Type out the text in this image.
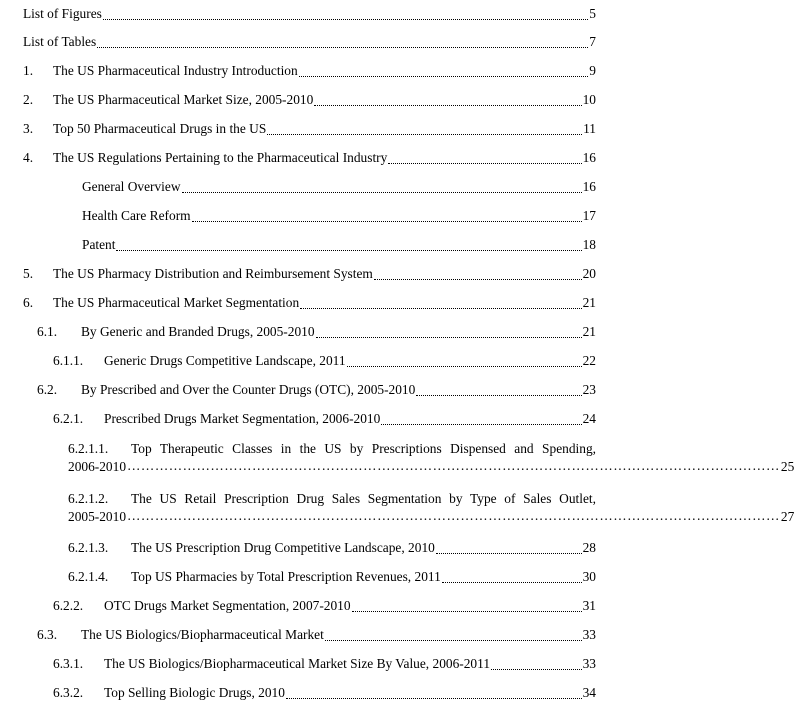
List of Figures	5
List of Tables	7
1. The US Pharmaceutical Industry Introduction	9
2. The US Pharmaceutical Market Size, 2005-2010	10
3. Top 50 Pharmaceutical Drugs in the US	11
4. The US Regulations Pertaining to the Pharmaceutical Industry	16
General Overview	16
Health Care Reform	17
Patent	18
5. The US Pharmacy Distribution and Reimbursement System	20
6. The US Pharmaceutical Market Segmentation	21
6.1. By Generic and Branded Drugs, 2005-2010	21
6.1.1. Generic Drugs Competitive Landscape, 2011	22
6.2. By Prescribed and Over the Counter Drugs (OTC), 2005-2010	23
6.2.1. Prescribed Drugs Market Segmentation, 2006-2010	24
6.2.1.1. Top Therapeutic Classes in the US by Prescriptions Dispensed and Spending,
2006-2010 …………………………………………………………………………………………………………………………… 25
6.2.1.2. The US Retail Prescription Drug Sales Segmentation by Type of Sales Outlet,
2005-2010 …………………………………………………………………………………………………………………………… 27
6.2.1.3. The US Prescription Drug Competitive Landscape, 2010	28
6.2.1.4. Top US Pharmacies by Total Prescription Revenues, 2011	30
6.2.2. OTC Drugs Market Segmentation, 2007-2010	31
6.3. The US Biologics/Biopharmaceutical Market	33
6.3.1. The US Biologics/Biopharmaceutical Market Size By Value, 2006-2011	33
6.3.2. Top Selling Biologic Drugs, 2010	34
